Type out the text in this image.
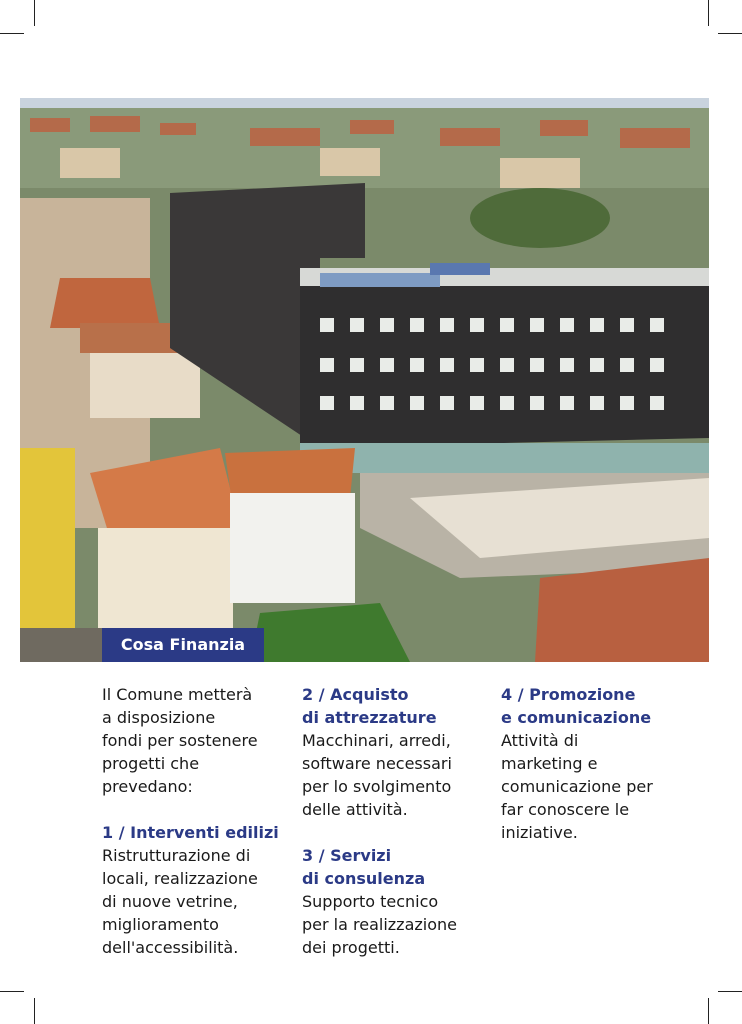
Cosa Finanzia

Il Comune metterà

a disposizione

fondi per sostenere

progetti che

prevedano:

1 / Interventi edilizi

Ristrutturazione di

locali, realizzazione

di nuove vetrine,

miglioramento

dell'accessibilità.

2 / Acquisto

di attrezzature

Macchinari, arredi,

software necessari

per lo svolgimento

delle attività.

3 / Servizi

di consulenza

Supporto tecnico

per la realizzazione

dei progetti.

4 / Promozione

e comunicazione

Attività di

marketing e

comunicazione per

far conoscere le

iniziative.
